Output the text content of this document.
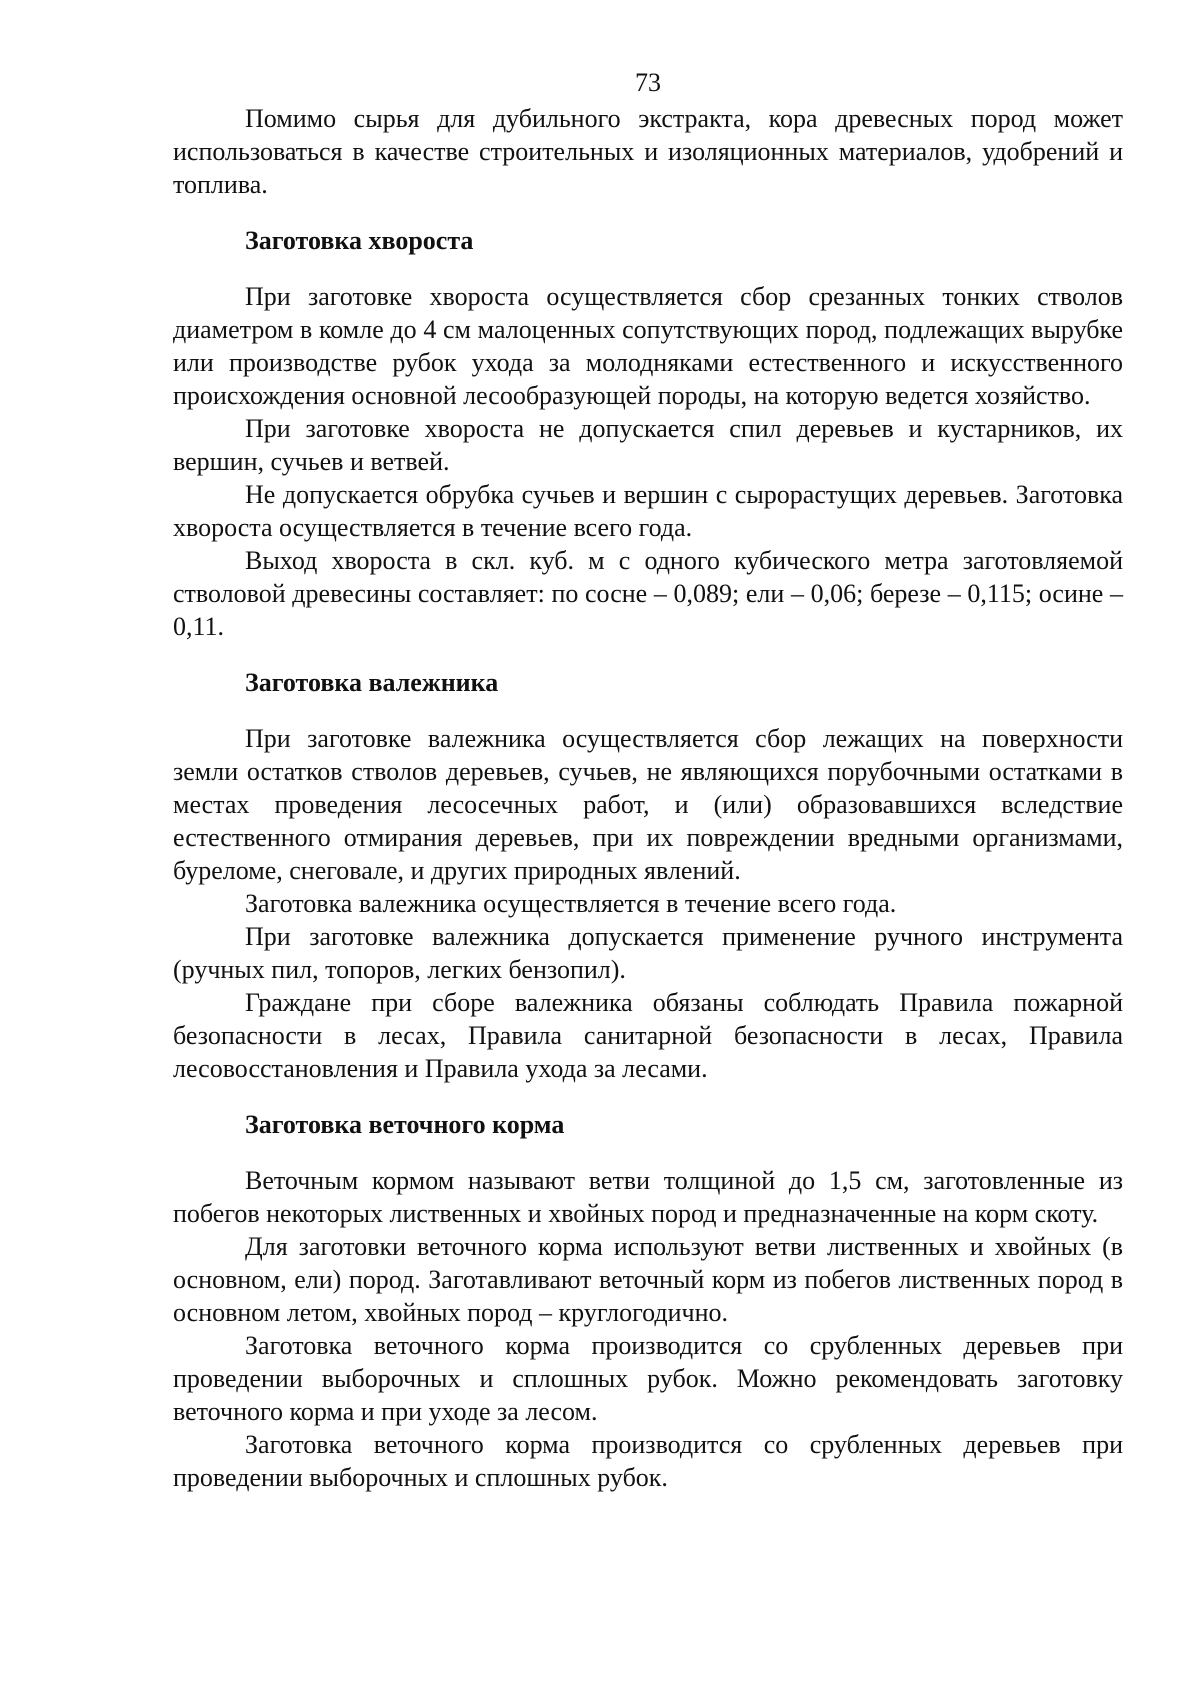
73

Помимо сырья для дубильного экстракта, кора древесных пород может использоваться в качестве строительных и изоляционных материалов, удобрений и топлива.

Заготовка хвороста

При заготовке хвороста осуществляется сбор срезанных тонких стволов диаметром в комле до 4 см малоценных сопутствующих пород, подлежащих вырубке или производстве рубок ухода за молодняками естественного и искусственного происхождения основной лесообразующей породы, на которую ведется хозяйство.

При заготовке хвороста не допускается спил деревьев и кустарников, их вершин, сучьев и ветвей.

Не допускается обрубка сучьев и вершин с сырорастущих деревьев. Заготовка хвороста осуществляется в течение всего года.

Выход хвороста в скл. куб. м с одного кубического метра заготовляемой стволовой древесины составляет: по сосне – 0,089; ели – 0,06; березе – 0,115; осине – 0,11.

Заготовка валежника

При заготовке валежника осуществляется сбор лежащих на поверхности земли остатков стволов деревьев, сучьев, не являющихся порубочными остатками в местах проведения лесосечных работ, и (или) образовавшихся вследствие естественного отмирания деревьев, при их повреждении вредными организмами, буреломе, снеговале, и других природных явлений.

Заготовка валежника осуществляется в течение всего года.

При заготовке валежника допускается применение ручного инструмента (ручных пил, топоров, легких бензопил).

Граждане при сборе валежника обязаны соблюдать Правила пожарной безопасности в лесах, Правила санитарной безопасности в лесах, Правила лесовосстановления и Правила ухода за лесами.

Заготовка веточного корма

Веточным кормом называют ветви толщиной до 1,5 см, заготовленные из побегов некоторых лиственных и хвойных пород и предназначенные на корм скоту.

Для заготовки веточного корма используют ветви лиственных и хвойных (в основном, ели) пород. Заготавливают веточный корм из побегов лиственных пород в основном летом, хвойных пород – круглогодично.

Заготовка веточного корма производится со срубленных деревьев при проведении выборочных и сплошных рубок. Можно рекомендовать заготовку веточного корма и при уходе за лесом.

Заготовка веточного корма производится со срубленных деревьев при проведении выборочных и сплошных рубок.
